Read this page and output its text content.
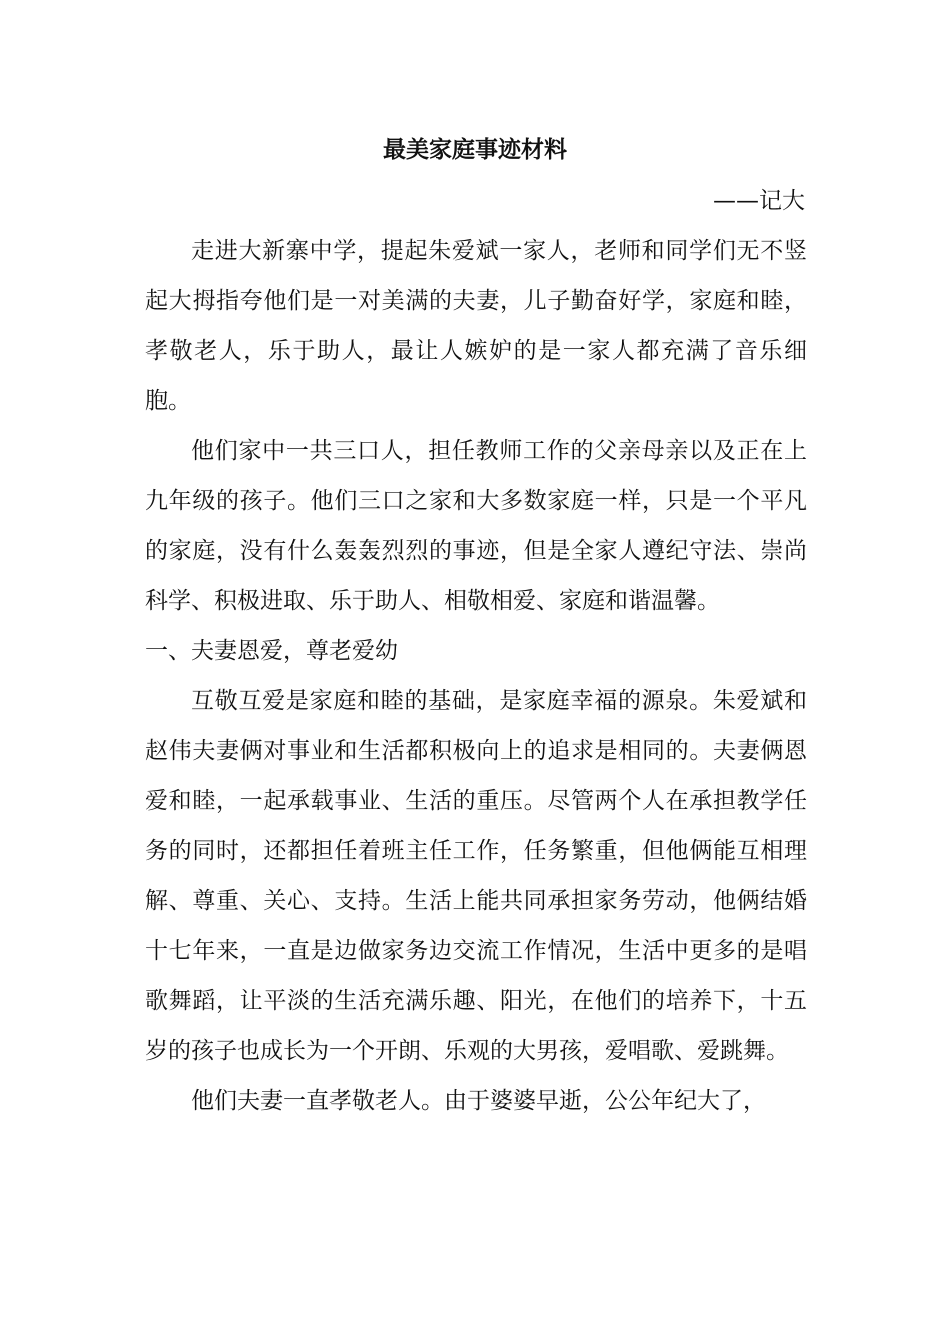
最美家庭事迹材料
——记大

走进大新寨中学，提起朱爱斌一家人，老师和同学们无不竖起大拇指夸他们是一对美满的夫妻，儿子勤奋好学，家庭和睦，孝敬老人，乐于助人，最让人嫉妒的是一家人都充满了音乐细胞。

他们家中一共三口人，担任教师工作的父亲母亲以及正在上九年级的孩子。他们三口之家和大多数家庭一样，只是一个平凡的家庭，没有什么轰轰烈烈的事迹，但是全家人遵纪守法、崇尚科学、积极进取、乐于助人、相敬相爱、家庭和谐温馨。

一、夫妻恩爱，尊老爱幼

互敬互爱是家庭和睦的基础，是家庭幸福的源泉。朱爱斌和赵伟夫妻俩对事业和生活都积极向上的追求是相同的。夫妻俩恩爱和睦，一起承载事业、生活的重压。尽管两个人在承担教学任务的同时，还都担任着班主任工作，任务繁重，但他俩能互相理解、尊重、关心、支持。生活上能共同承担家务劳动，他俩结婚十七年来，一直是边做家务边交流工作情况，生活中更多的是唱歌舞蹈，让平淡的生活充满乐趣、阳光，在他们的培养下，十五岁的孩子也成长为一个开朗、乐观的大男孩，爱唱歌、爱跳舞。

他们夫妻一直孝敬老人。由于婆婆早逝，公公年纪大了，
